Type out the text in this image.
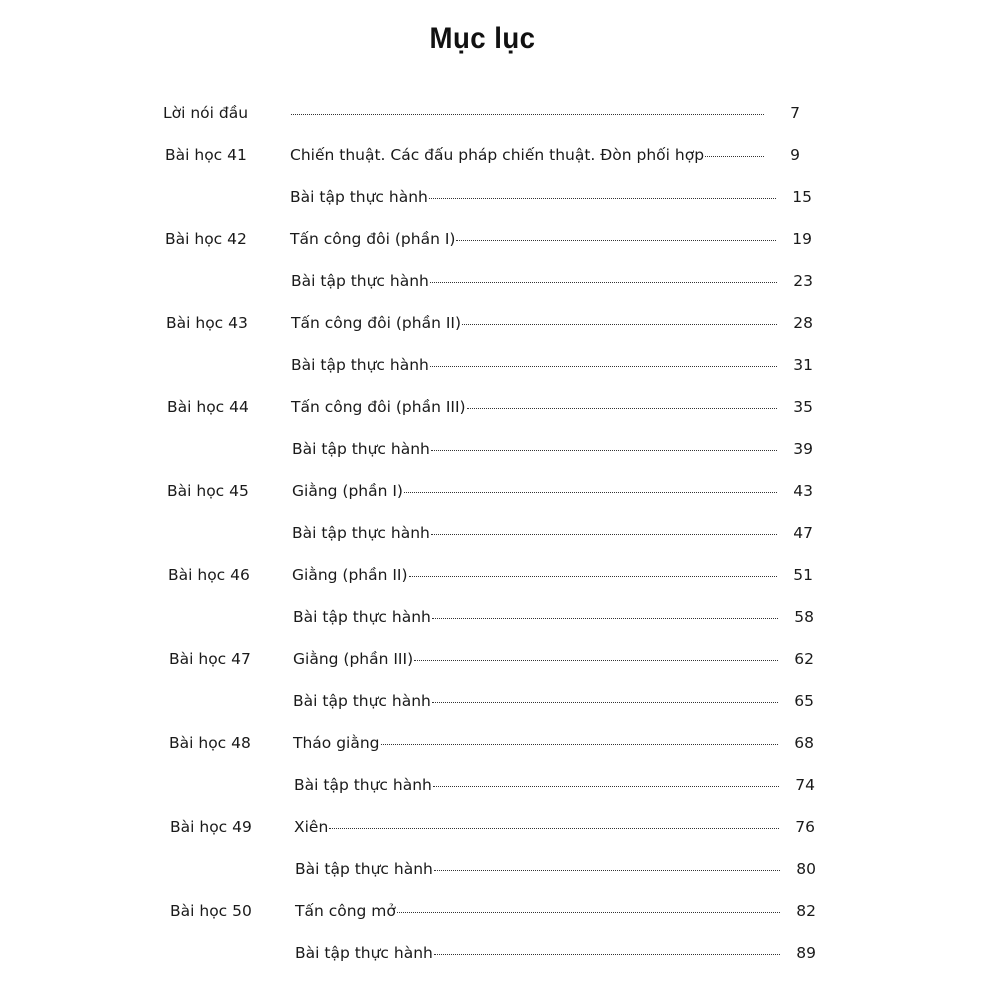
Mục lục
Lời nói đầu	7
Bài học 41	Chiến thuật. Các đấu pháp chiến thuật. Đòn phối hợp	9
Bài tập thực hành	15
Bài học 42	Tấn công đôi (phần I)	19
Bài tập thực hành	23
Bài học 43	Tấn công đôi (phần II)	28
Bài tập thực hành	31
Bài học 44	Tấn công đôi (phần III)	35
Bài tập thực hành	39
Bài học 45	Giằng (phần I)	43
Bài tập thực hành	47
Bài học 46	Giằng (phần II)	51
Bài tập thực hành	58
Bài học 47	Giằng (phần III)	62
Bài tập thực hành	65
Bài học 48	Tháo giằng	68
Bài tập thực hành	74
Bài học 49	Xiên	76
Bài tập thực hành	80
Bài học 50	Tấn công mở	82
Bài tập thực hành	89
